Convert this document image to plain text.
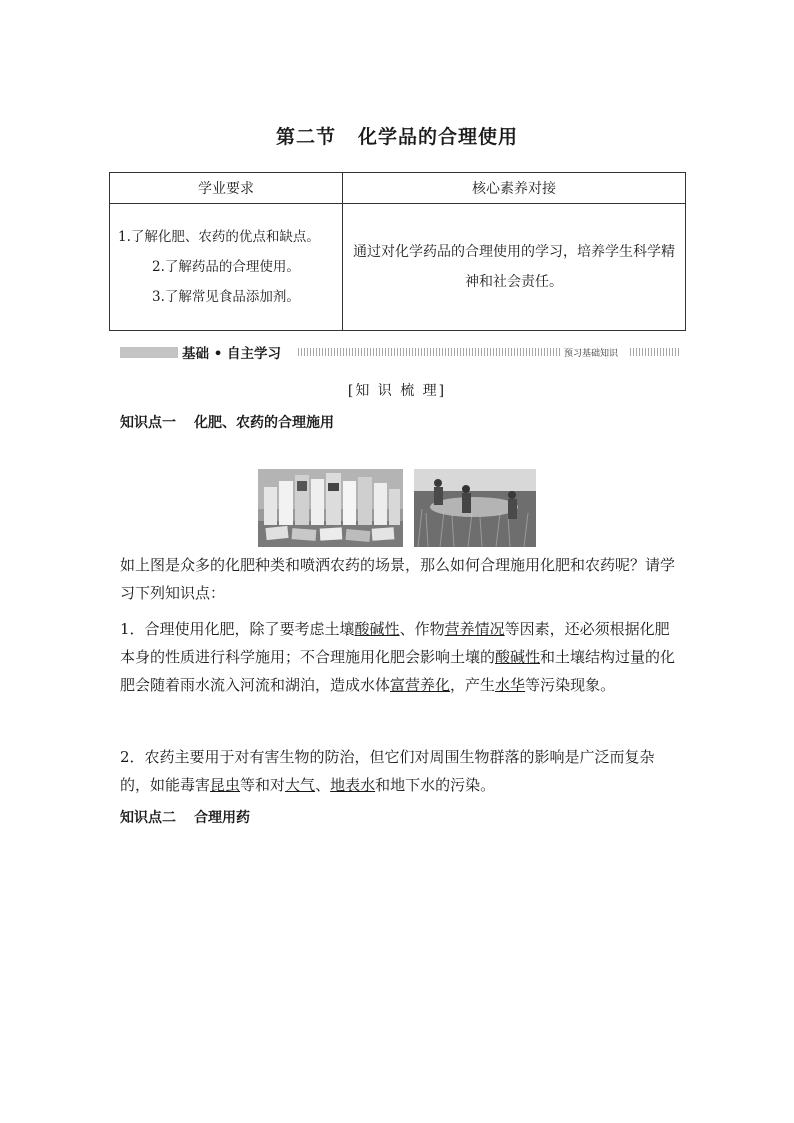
第二节 化学品的合理使用
学业要求	核心素养对接

1.了解化肥、农药的优点和缺点。
2.了解药品的合理使用。
3.了解常见食品添加剂。	通过对化学药品的合理使用的学习，培养学生科学精神和社会责任。
基础 • 自主学习	预习基础知识
[知 识 梳 理]
知识点一 化肥、农药的合理施用
如上图是众多的化肥种类和喷洒农药的场景，那么如何合理施用化肥和农药呢？请学习下列知识点：
1．合理使用化肥，除了要考虑土壤酸碱性、作物营养情况等因素，还必须根据化肥本身的性质进行科学施用；不合理施用化肥会影响土壤的酸碱性和土壤结构过量的化肥会随着雨水流入河流和湖泊，造成水体富营养化，产生水华等污染现象。
2．农药主要用于对有害生物的防治，但它们对周围生物群落的影响是广泛而复杂的，如能毒害昆虫等和对大气、地表水和地下水的污染。
知识点二 合理用药
